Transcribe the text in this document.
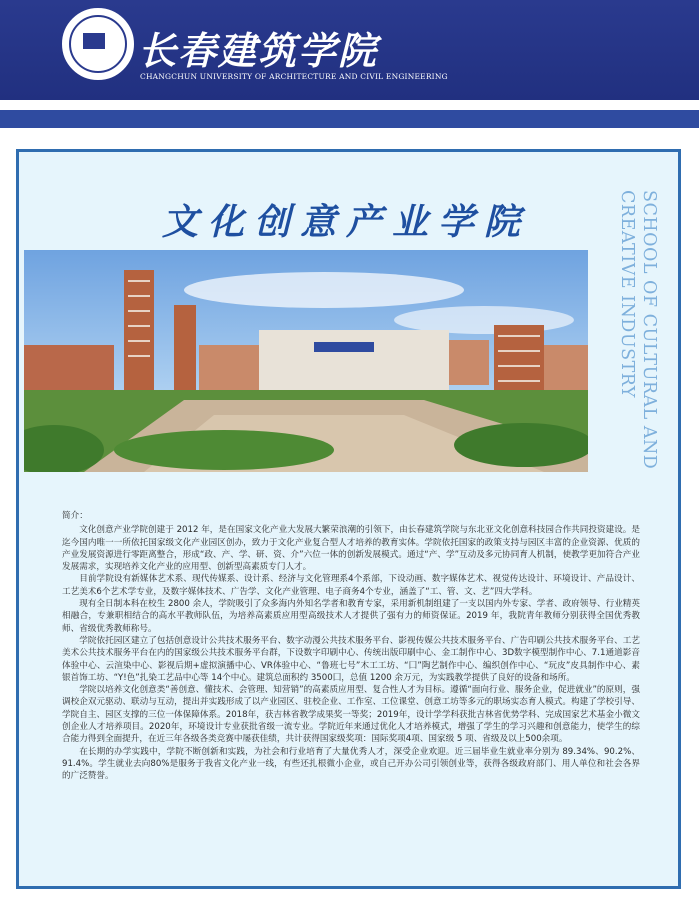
长春建筑学院
CHANGCHUN UNIVERSITY OF ARCHITECTURE AND CIVIL ENGINEERING
文化创意产业学院	SCHOOL OF CULTURAL AND CREATIVE INDUSTRY
简介：

文化创意产业学院创建于 2012 年，是在国家文化产业大发展大繁荣浪潮的引领下，由长春建筑学院与东北亚文化创意科技园合作共同投资建设。是迄今国内唯一一所依托国家级文化产业园区创办，致力于文化产业复合型人才培养的教育实体。学院依托国家的政策支持与园区丰富的企业资源、优质的产业发展资源进行零距离整合，形成“政、产、学、研、资、介”六位一体的创新发展模式。通过“产、学”互动及多元协同育人机制，使教学更加符合产业发展需求，实现培养文化产业的应用型、创新型高素质专门人才。

目前学院设有新媒体艺术系、现代传媒系、设计系、经济与文化管理系4个系部，下设动画、数字媒体艺术、视觉传达设计、环境设计、产品设计、工艺美术6个艺术学专业，及数字媒体技术、广告学、文化产业管理、电子商务4个专业，涵盖了“工、管、文、艺”四大学科。

现有全日制本科在校生 2800 余人，学院吸引了众多海内外知名学者和教育专家，采用新机制组建了一支以国内外专家、学者、政府领导、行业精英相融合，专兼职相结合的高水平教师队伍，为培养高素质应用型高级技术人才提供了强有力的师资保证。2019 年，我院青年教师分别获得全国优秀教师、省级优秀教师称号。

学院依托园区建立了包括创意设计公共技术服务平台、数字动漫公共技术服务平台、影视传媒公共技术服务平台、广告印刷公共技术服务平台、工艺美术公共技术服务平台在内的国家级公共技术服务平台群，下设数字印刷中心、传统出版印刷中心、金工制作中心、3D数字模型制作中心、7.1通道影音体验中心、云渲染中心、影视后期+虚拟演播中心、VR体验中心、“鲁班七号”木工工坊、“囗”陶艺制作中心、编织创作中心、“玩皮”皮具制作中心、素银首饰工坊、“Y!色”扎染工艺品中心等 14个中心。建筑总面积约 3500囗，总值 1200 余万元，为实践教学提供了良好的设备和场所。

学院以培养文化创意类“善创意、懂技术、会管理、知营销”的高素质应用型、复合性人才为目标。遵循“面向行业、服务企业，促进就业”的原则，强调校企双元驱动、联动与互动，提出并实践形成了以产业园区、驻校企业、工作室、工位课堂、创意工坊等多元的职场实态育人模式。构建了学校引导、学院自主、园区支撑的三位一体保障体系。2018年，获吉林省教学成果奖一等奖；2019年，设计学学科获批吉林省优势学科、完成国家艺术基金小微文创企业人才培养项目。2020年，环境设计专业获批省级一流专业。学院近年来通过优化人才培养模式，增强了学生的学习兴趣和创意能力，使学生的综合能力得到全面提升，在近三年各级各类竞赛中屡获佳绩，共计获得国家级奖项：国际奖项4项、国家级 5 项、省级及以上500余项。

在长期的办学实践中，学院不断创新和实践，为社会和行业培育了大量优秀人才，深受企业欢迎。近三届毕业生就业率分别为 89.34%、90.2%、91.4%。学生就业去向80%是服务于我省文化产业一线，有些还扎根微小企业，或自己开办公司引领创业等，获得各级政府部门、用人单位和社会各界的广泛赞誉。
